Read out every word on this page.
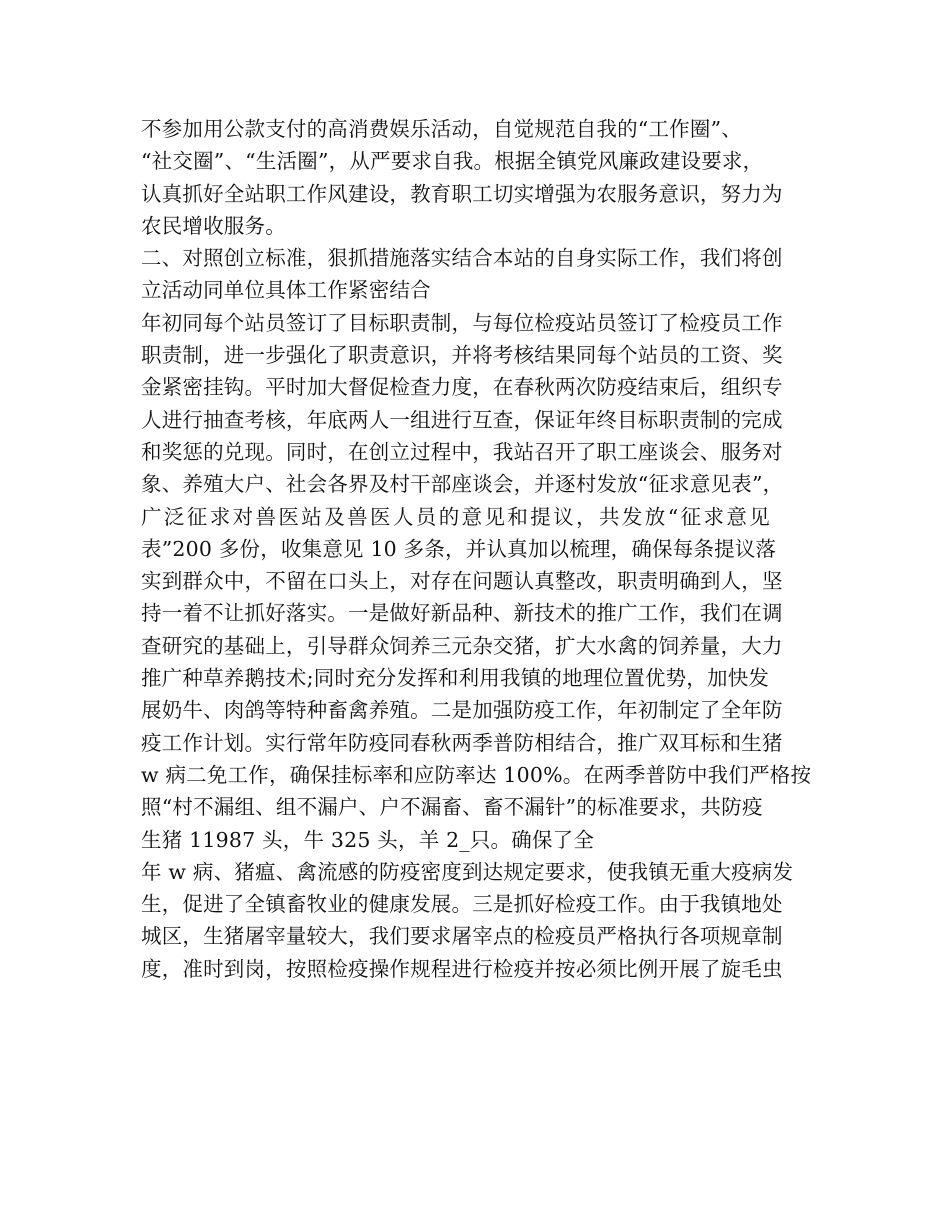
不参加用公款支付的高消费娱乐活动，自觉规范自我的“工作圈”、
“社交圈”、“生活圈”，从严要求自我。根据全镇党风廉政建设要求，
认真抓好全站职工作风建设，教育职工切实增强为农服务意识，努力为
农民增收服务。
二、对照创立标准，狠抓措施落实结合本站的自身实际工作，我们将创
立活动同单位具体工作紧密结合
年初同每个站员签订了目标职责制，与每位检疫站员签订了检疫员工作
职责制，进一步强化了职责意识，并将考核结果同每个站员的工资、奖
金紧密挂钩。平时加大督促检查力度，在春秋两次防疫结束后，组织专
人进行抽查考核，年底两人一组进行互查，保证年终目标职责制的完成
和奖惩的兑现。同时，在创立过程中，我站召开了职工座谈会、服务对
象、养殖大户、社会各界及村干部座谈会，并逐村发放“征求意见表”，
广泛征求对兽医站及兽医人员的意见和提议，共发放“征求意见
表”200 多份，收集意见 10 多条，并认真加以梳理，确保每条提议落
实到群众中，不留在口头上，对存在问题认真整改，职责明确到人，坚
持一着不让抓好落实。一是做好新品种、新技术的推广工作，我们在调
查研究的基础上，引导群众饲养三元杂交猪，扩大水禽的饲养量，大力
推广种草养鹅技术;同时充分发挥和利用我镇的地理位置优势，加快发
展奶牛、肉鸽等特种畜禽养殖。二是加强防疫工作，年初制定了全年防
疫工作计划。实行常年防疫同春秋两季普防相结合，推广双耳标和生猪
w 病二免工作，确保挂标率和应防率达 100%。在两季普防中我们严格按
照“村不漏组、组不漏户、户不漏畜、畜不漏针”的标准要求，共防疫
生猪 11987 头，牛 325 头，羊 2_只。确保了全
年 w 病、猪瘟、禽流感的防疫密度到达规定要求，使我镇无重大疫病发
生，促进了全镇畜牧业的健康发展。三是抓好检疫工作。由于我镇地处
城区，生猪屠宰量较大，我们要求屠宰点的检疫员严格执行各项规章制
度，准时到岗，按照检疫操作规程进行检疫并按必须比例开展了旋毛虫
